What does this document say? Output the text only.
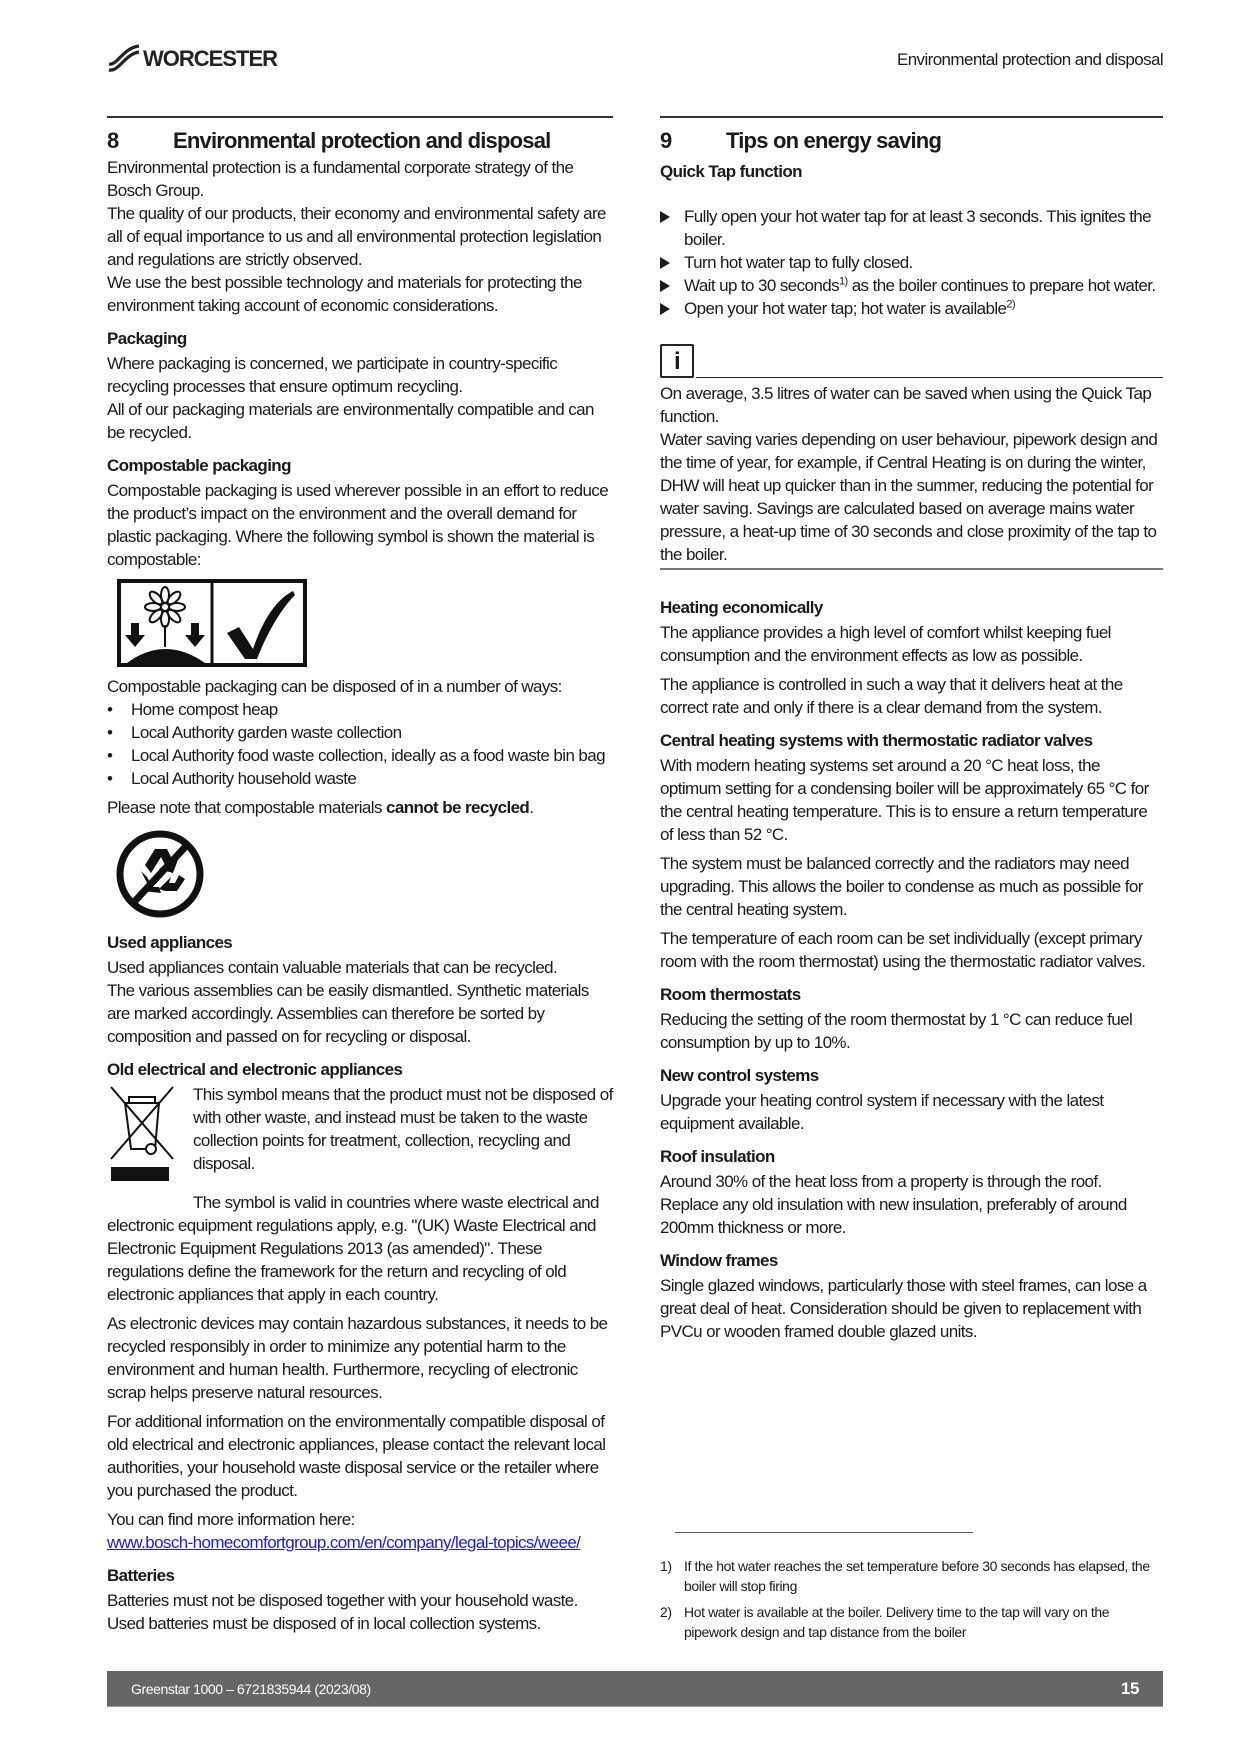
WORCESTER	Environmental protection and disposal
8	Environmental protection and disposal

Environmental protection is a fundamental corporate strategy of the Bosch Group.

The quality of our products, their economy and environmental safety are all of equal importance to us and all environmental protection legislation and regulations are strictly observed.

We use the best possible technology and materials for protecting the environment taking account of economic considerations.

Packaging

Where packaging is concerned, we participate in country-specific recycling processes that ensure optimum recycling.

All of our packaging materials are environmentally compatible and can be recycled.

Compostable packaging

Compostable packaging is used wherever possible in an effort to reduce the product’s impact on the environment and the overall demand for plastic packaging. Where the following symbol is shown the material is compostable:

Compostable packaging can be disposed of in a number of ways:

• Home compost heap
• Local Authority garden waste collection
• Local Authority food waste collection, ideally as a food waste bin bag
• Local Authority household waste

Please note that compostable materials cannot be recycled.

Used appliances

Used appliances contain valuable materials that can be recycled.

The various assemblies can be easily dismantled. Synthetic materials are marked accordingly. Assemblies can therefore be sorted by composition and passed on for recycling or disposal.

Old electrical and electronic appliances

This symbol means that the product must not be disposed of with other waste, and instead must be taken to the waste collection points for treatment, collection, recycling and disposal.

The symbol is valid in countries where waste electrical and electronic equipment regulations apply, e.g. "(UK) Waste Electrical and Electronic Equipment Regulations 2013 (as amended)". These regulations define the framework for the return and recycling of old electronic appliances that apply in each country.

As electronic devices may contain hazardous substances, it needs to be recycled responsibly in order to minimize any potential harm to the environment and human health. Furthermore, recycling of electronic scrap helps preserve natural resources.

For additional information on the environmentally compatible disposal of old electrical and electronic appliances, please contact the relevant local authorities, your household waste disposal service or the retailer where you purchased the product.

You can find more information here:

www.bosch-homecomfortgroup.com/en/company/legal-topics/weee/

Batteries

Batteries must not be disposed together with your household waste.

Used batteries must be disposed of in local collection systems.

9	Tips on energy saving
Quick Tap function
Fully open your hot water tap for at least 3 seconds. This ignites the boiler.
Turn hot water tap to fully closed.
Wait up to 30 seconds$^{1)}$ as the boiler continues to prepare hot water.
Open your hot water tap; hot water is available$^{2)}$
i

On average, 3.5 litres of water can be saved when using the Quick Tap function.

Water saving varies depending on user behaviour, pipework design and the time of year, for example, if Central Heating is on during the winter, DHW will heat up quicker than in the summer, reducing the potential for water saving. Savings are calculated based on average mains water pressure, a heat-up time of 30 seconds and close proximity of the tap to the boiler.

Heating economically

The appliance provides a high level of comfort whilst keeping fuel consumption and the environment effects as low as possible.

The appliance is controlled in such a way that it delivers heat at the correct rate and only if there is a clear demand from the system.

Central heating systems with thermostatic radiator valves

With modern heating systems set around a 20 °C heat loss, the optimum setting for a condensing boiler will be approximately 65 °C for the central heating temperature. This is to ensure a return temperature of less than 52 °C.

The system must be balanced correctly and the radiators may need upgrading. This allows the boiler to condense as much as possible for the central heating system.

The temperature of each room can be set individually (except primary room with the room thermostat) using the thermostatic radiator valves.

Room thermostats

Reducing the setting of the room thermostat by 1 °C can reduce fuel consumption by up to 10%.

New control systems

Upgrade your heating control system if necessary with the latest equipment available.

Roof insulation

Around 30% of the heat loss from a property is through the roof. Replace any old insulation with new insulation, preferably of around 200mm thickness or more.

Window frames

Single glazed windows, particularly those with steel frames, can lose a great deal of heat. Consideration should be given to replacement with PVCu or wooden framed double glazed units.

1) If the hot water reaches the set temperature before 30 seconds has elapsed, the boiler will stop firing
2) Hot water is available at the boiler. Delivery time to the tap will vary on the pipework design and tap distance from the boiler
Greenstar 1000 – 6721835944 (2023/08)	15
